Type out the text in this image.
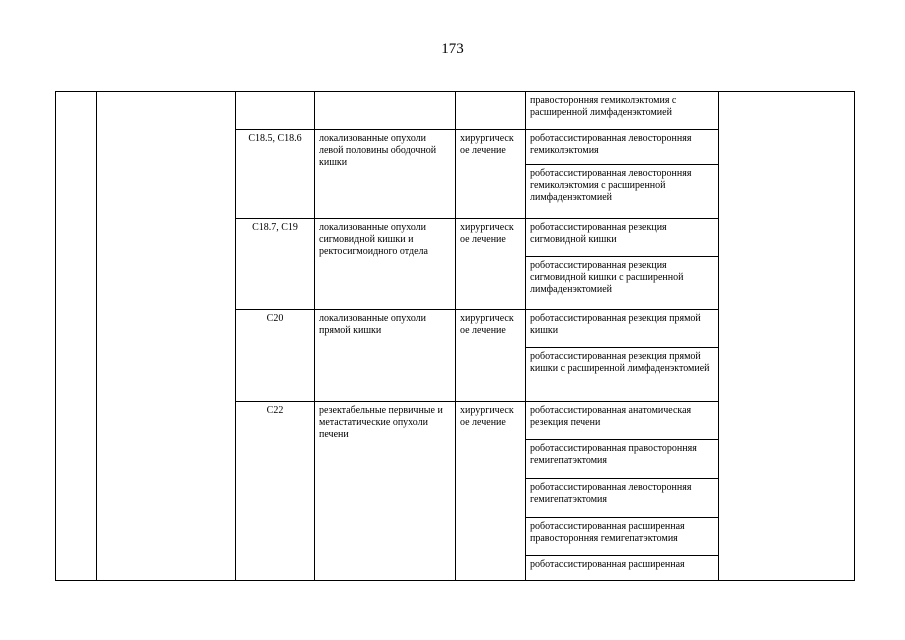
173
					правосторонняя гемиколэктомия с расширенной лимфаденэктомией	
		C18.5, C18.6	локализованные опухоли левой половины ободочной кишки	хирургическ ое лечение	роботассистированная левосторонняя гемиколэктомия	
					роботассистированная левосторонняя гемиколэктомия с расширенной лимфаденэктомией	
		C18.7, C19	локализованные опухоли сигмовидной кишки и ректосигмоидного отдела	хирургическ ое лечение	роботассистированная резекция сигмовидной кишки	
					роботассистированная резекция сигмовидной кишки с расширенной лимфаденэктомией	
		C20	локализованные опухоли прямой кишки	хирургическ ое лечение	роботассистированная резекция прямой кишки	
					роботассистированная резекция прямой кишки с расширенной лимфаденэктомией	
		C22	резектабельные первичные и метастатические опухоли печени	хирургическ ое лечение	роботассистированная анатомическая резекция печени	
					роботассистированная правосторонняя гемигепатэктомия	
					роботассистированная левосторонняя гемигепатэктомия	
					роботассистированная расширенная правосторонняя гемигепатэктомия	
					роботассистированная расширенная	
